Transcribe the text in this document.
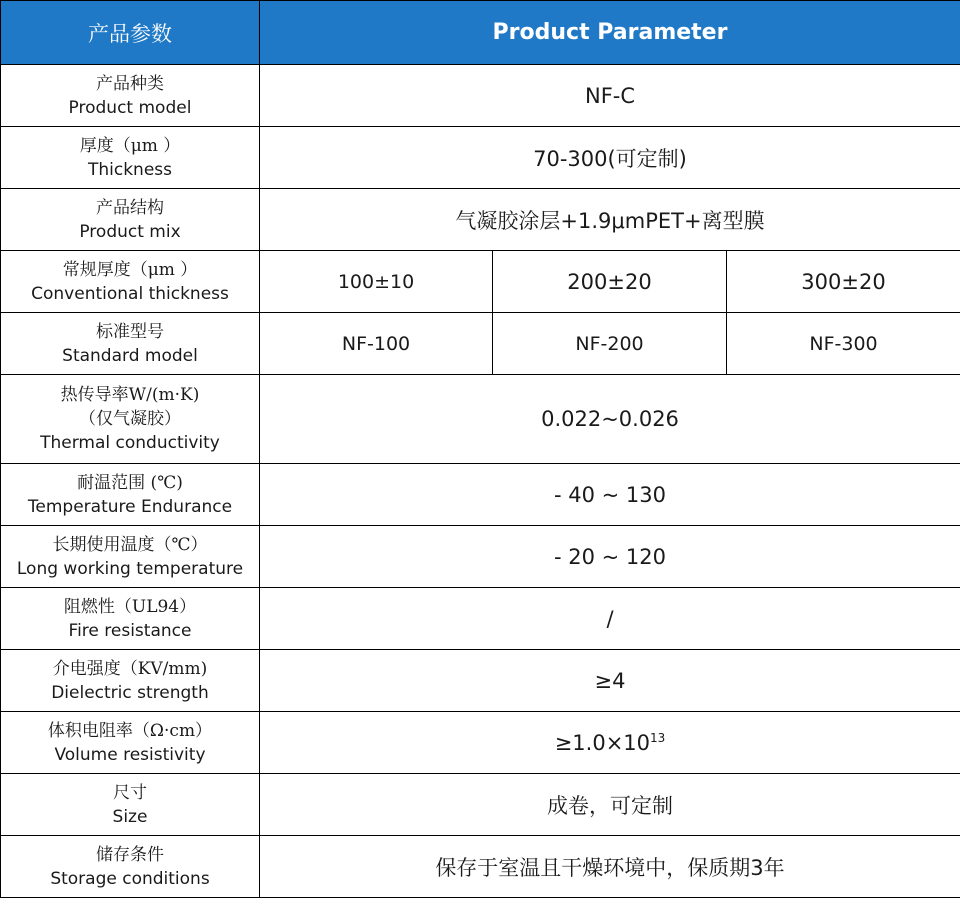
产品参数	Product Parameter		

产品种类
Product model	NF-C		

厚度（μm ）
Thickness	70-300(可定制)		

产品结构
Product mix	气凝胶涂层+1.9μmPET+离型膜		

常规厚度（μm ）
Conventional thickness	100±10	200±20	300±20

标准型号
Standard model	NF-100	NF-200	NF-300

热传导率W/(m·K)
（仅气凝胶）
Thermal conductivity	0.022~0.026		

耐温范围 (℃)
Temperature Endurance	- 40 ~ 130		

长期使用温度（℃）
Long working temperature	- 20 ~ 120		

阻燃性（UL94）
Fire resistance	/		

介电强度（KV/mm)
Dielectric strength	≥4		

体积电阻率（Ω·cm）
Volume resistivity	$\ge 1.0\times 10^{13}$

尺寸
Size	成卷，可定制		

储存条件
Storage conditions	保存于室温且干燥环境中，保质期3年		
